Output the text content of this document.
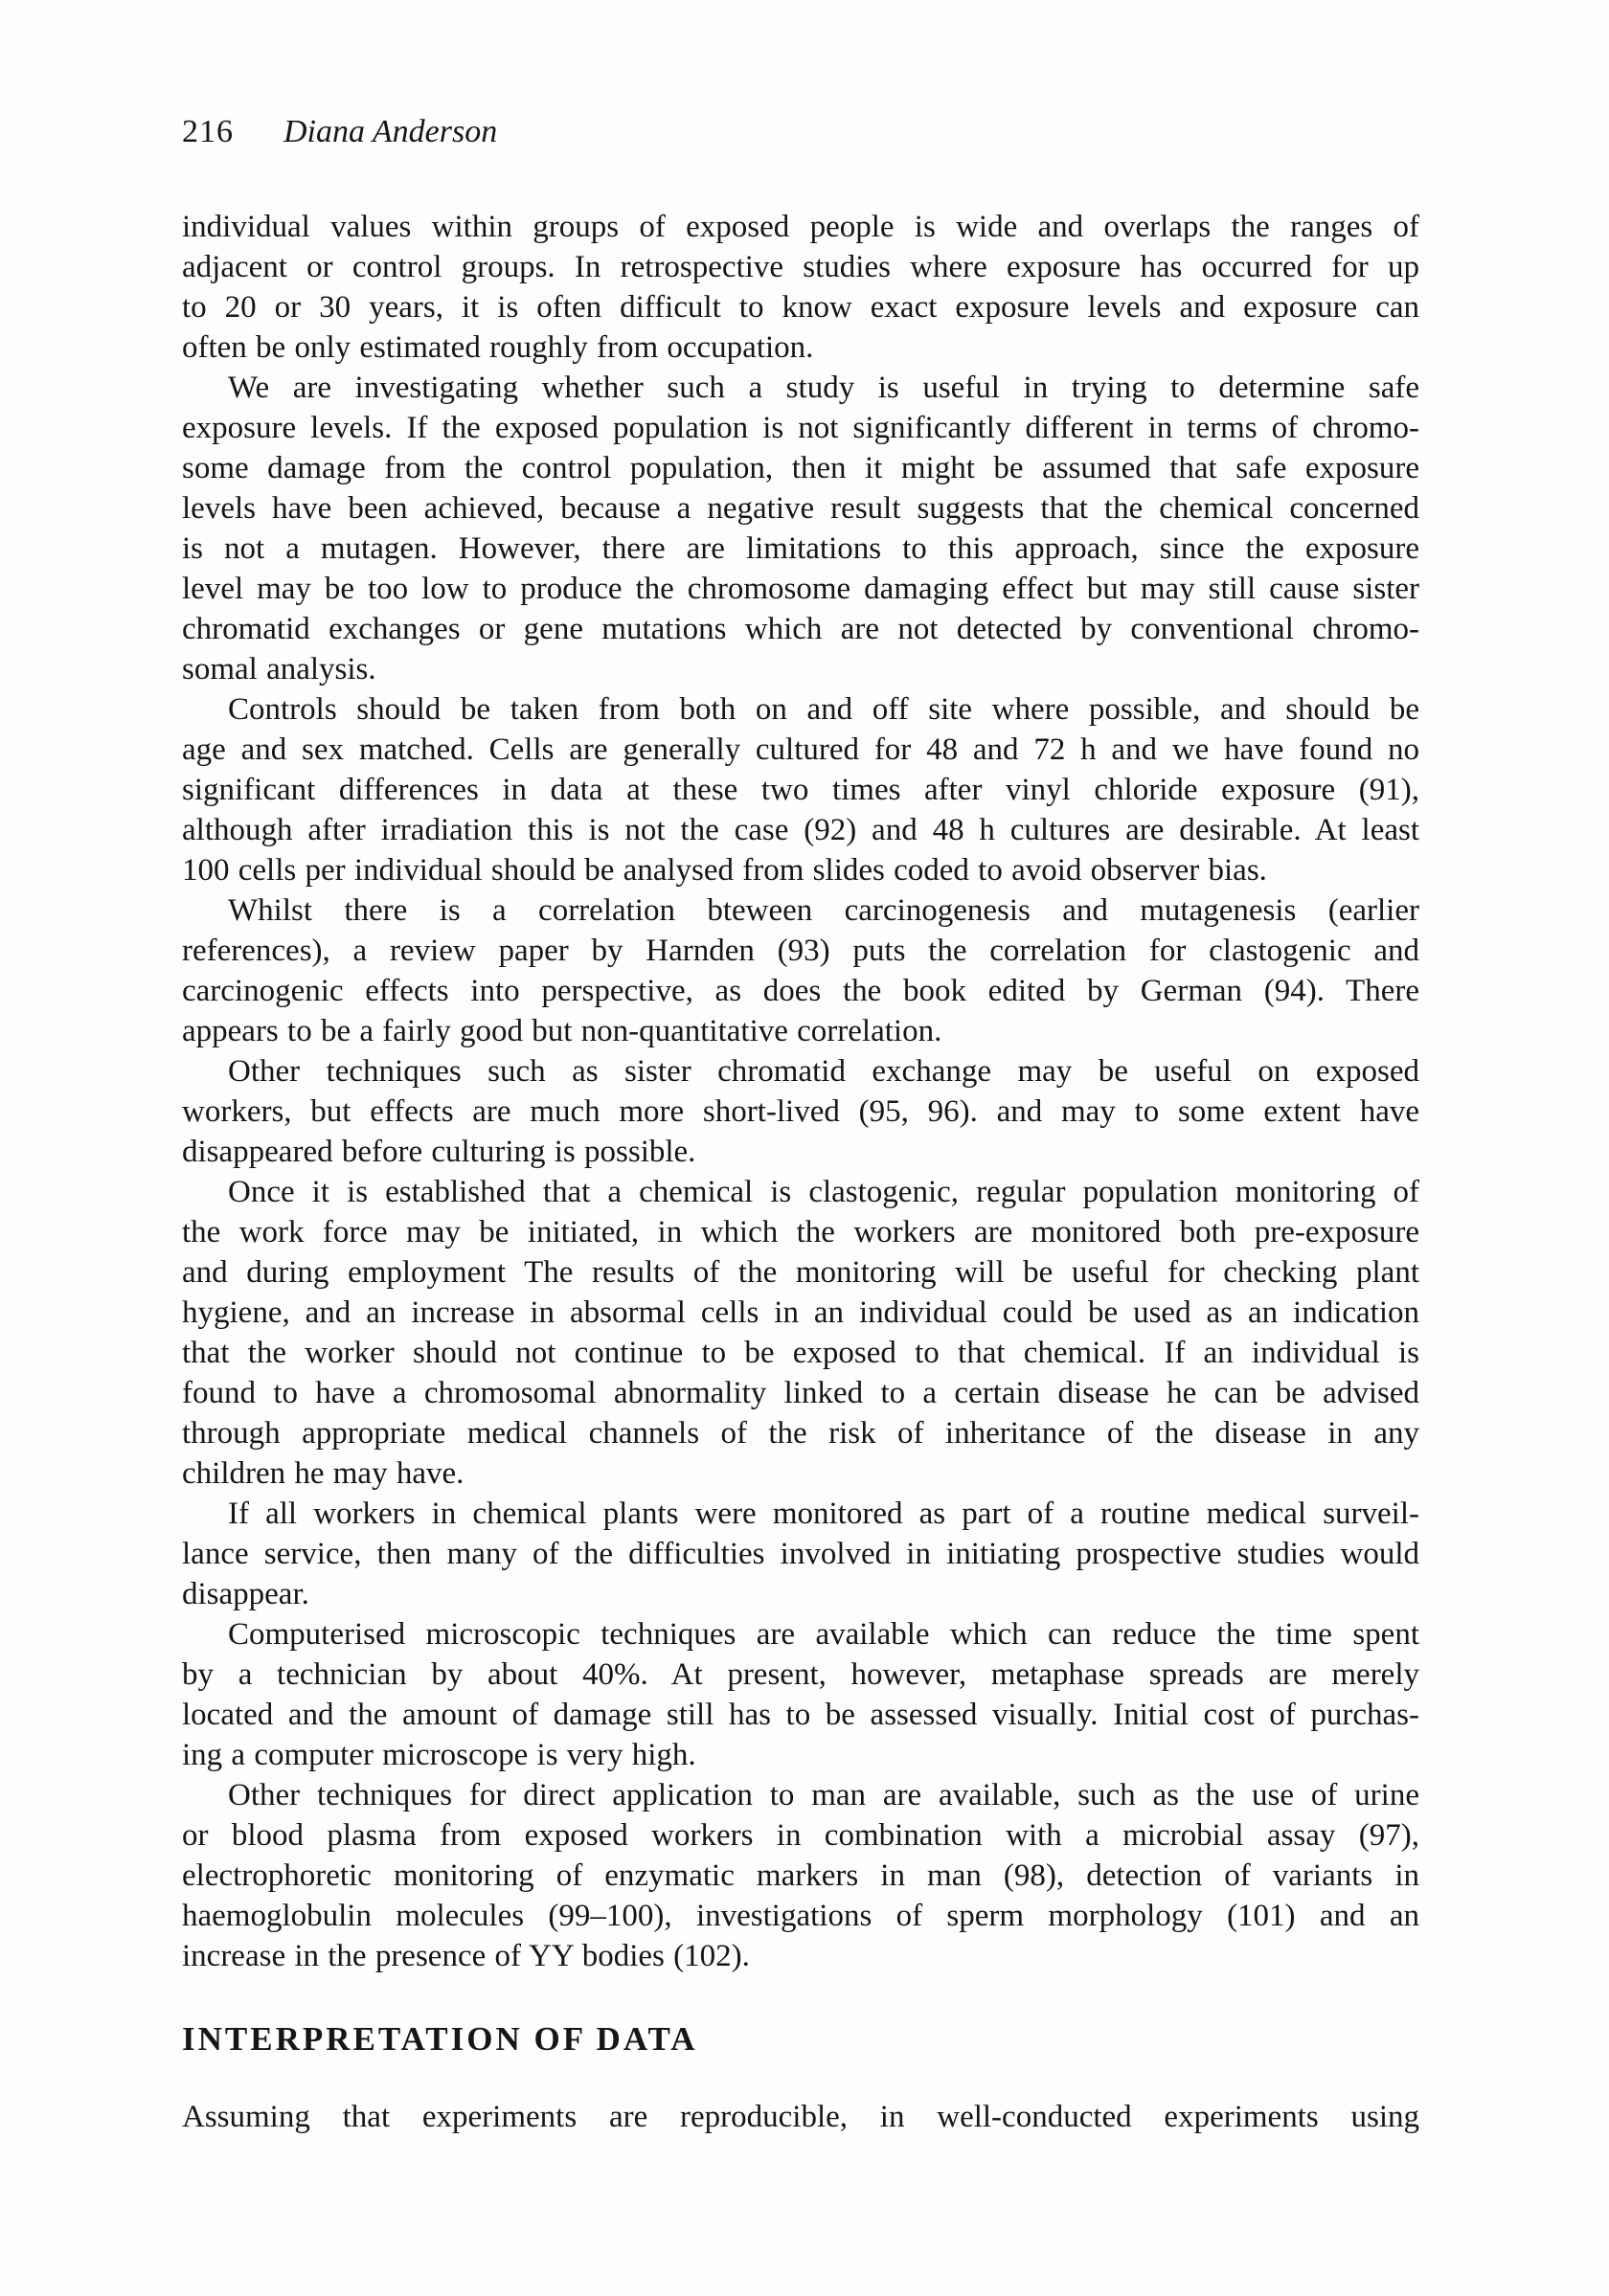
216 Diana Anderson

individual values within groups of exposed people is wide and overlaps the ranges of
adjacent or control groups. In retrospective studies where exposure has occurred for up
to 20 or 30 years, it is often difficult to know exact exposure levels and exposure can
often be only estimated roughly from occupation.

We are investigating whether such a study is useful in trying to determine safe
exposure levels. If the exposed population is not significantly different in terms of chromo-
some damage from the control population, then it might be assumed that safe exposure
levels have been achieved, because a negative result suggests that the chemical concerned
is not a mutagen. However, there are limitations to this approach, since the exposure
level may be too low to produce the chromosome damaging effect but may still cause sister
chromatid exchanges or gene mutations which are not detected by conventional chromo-
somal analysis.

Controls should be taken from both on and off site where possible, and should be
age and sex matched. Cells are generally cultured for 48 and 72 h and we have found no
significant differences in data at these two times after vinyl chloride exposure (91),
although after irradiation this is not the case (92) and 48 h cultures are desirable. At least
100 cells per individual should be analysed from slides coded to avoid observer bias.

Whilst there is a correlation bteween carcinogenesis and mutagenesis (earlier
references), a review paper by Harnden (93) puts the correlation for clastogenic and
carcinogenic effects into perspective, as does the book edited by German (94). There
appears to be a fairly good but non-quantitative correlation.

Other techniques such as sister chromatid exchange may be useful on exposed
workers, but effects are much more short-lived (95, 96). and may to some extent have
disappeared before culturing is possible.

Once it is established that a chemical is clastogenic, regular population monitoring of
the work force may be initiated, in which the workers are monitored both pre-exposure
and during employment The results of the monitoring will be useful for checking plant
hygiene, and an increase in absormal cells in an individual could be used as an indication
that the worker should not continue to be exposed to that chemical. If an individual is
found to have a chromosomal abnormality linked to a certain disease he can be advised
through appropriate medical channels of the risk of inheritance of the disease in any
children he may have.

If all workers in chemical plants were monitored as part of a routine medical surveil-
lance service, then many of the difficulties involved in initiating prospective studies would
disappear.

Computerised microscopic techniques are available which can reduce the time spent
by a technician by about 40%. At present, however, metaphase spreads are merely
located and the amount of damage still has to be assessed visually. Initial cost of purchas-
ing a computer microscope is very high.

Other techniques for direct application to man are available, such as the use of urine
or blood plasma from exposed workers in combination with a microbial assay (97),
electrophoretic monitoring of enzymatic markers in man (98), detection of variants in
haemoglobulin molecules (99–100), investigations of sperm morphology (101) and an
increase in the presence of YY bodies (102).

INTERPRETATION OF DATA

Assuming that experiments are reproducible, in well-conducted experiments using
